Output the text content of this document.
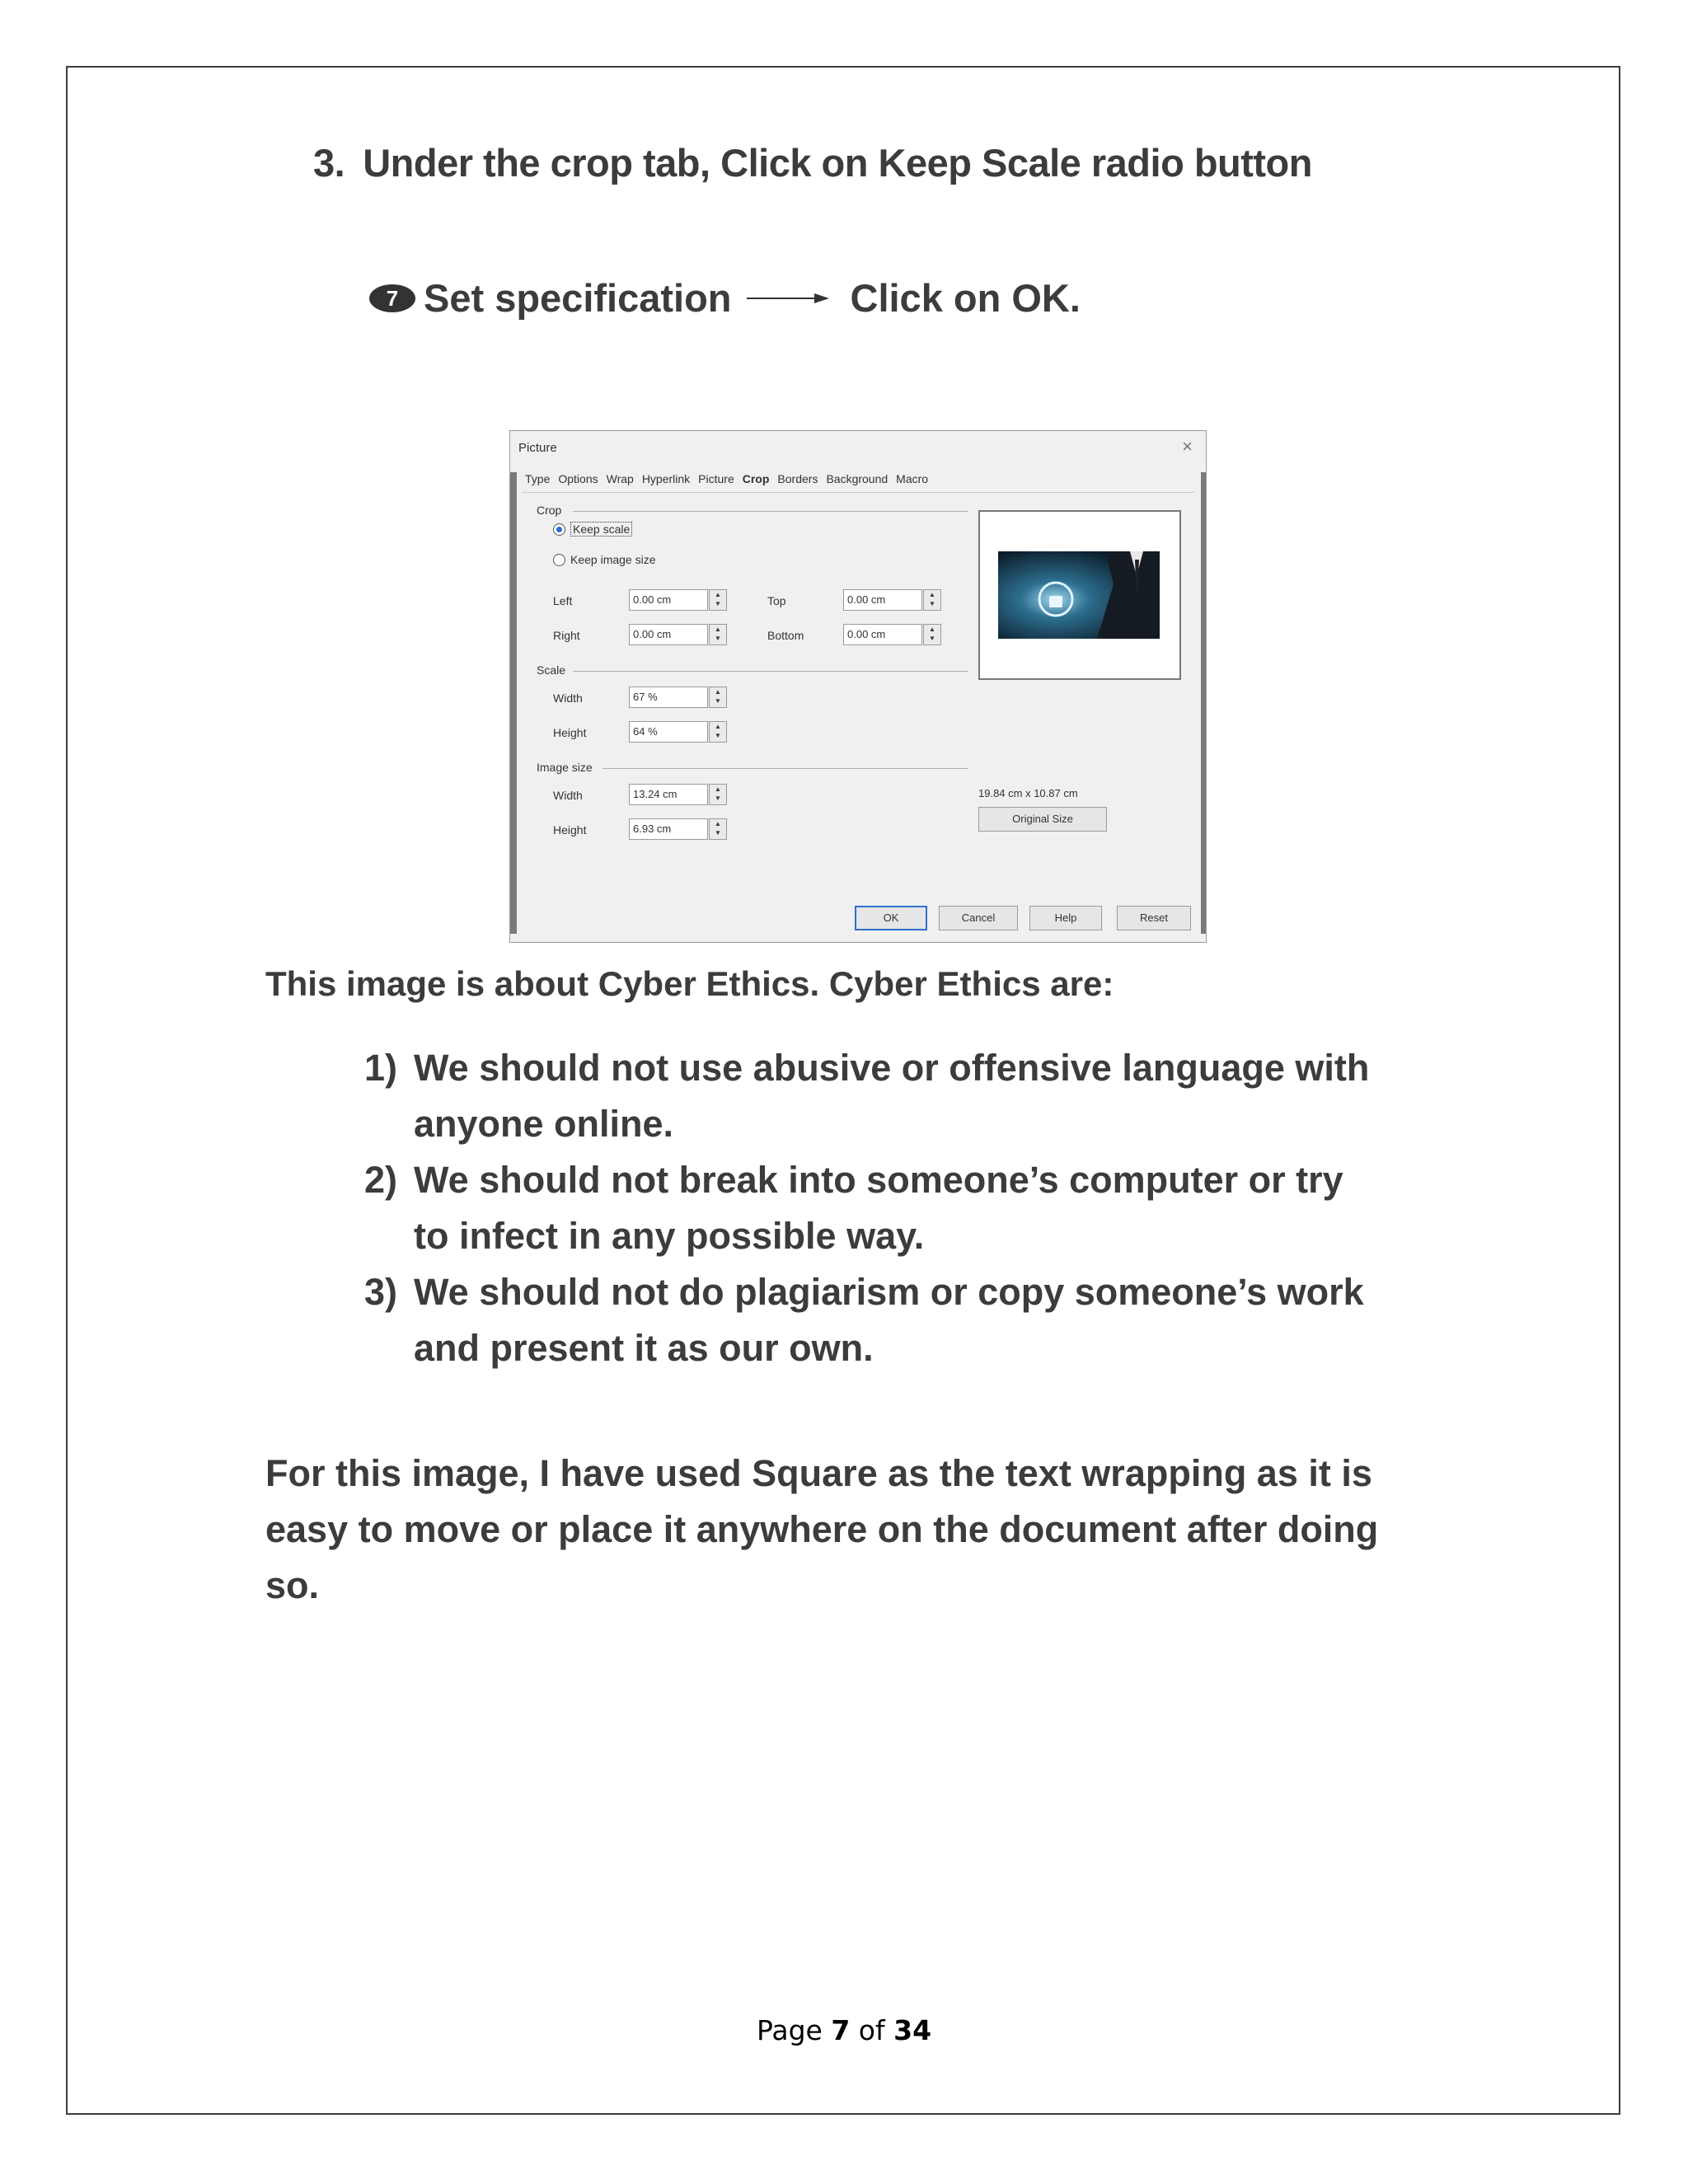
3. Under the crop tab, Click on Keep Scale radio button
7 Set specification	Click on OK.
Picture	×
Type Options Wrap Hyperlink Picture Crop Borders Background Macro
Crop
Keep scale
Keep image size
Left	0.00 cm	▲
▼	Top	0.00 cm	▲
▼
Right	0.00 cm	▲
▼	Bottom	0.00 cm	▲
▼
Scale
Width	67 %	▲
▼
Height	64 %	▲
▼
Image size
Width	13.24 cm	▲
▼
Height	6.93 cm	▲
▼
19.84 cm x 10.87 cm
Original Size
OK	Cancel	Help	Reset
This image is about Cyber Ethics. Cyber Ethics are:
1) We should not use abusive or offensive language with anyone online.
2) We should not break into someone’s computer or try to infect in any possible way.
3) We should not do plagiarism or copy someone’s work and present it as our own.

For this image, I have used Square as the text wrapping as it is easy to move or place it anywhere on the document after doing so.

Page 7 of 34
